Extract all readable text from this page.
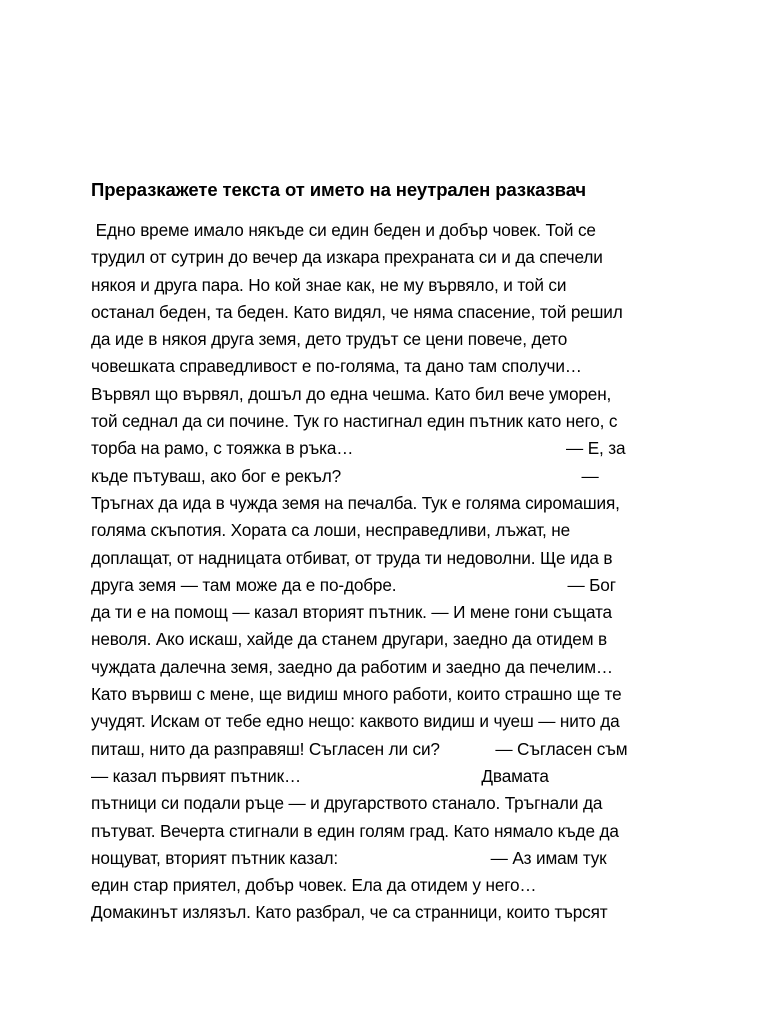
Преразкажете текста от името на неутрален разказвач
Едно време имало някъде си един беден и добър човек. Той се
трудил от сутрин до вечер да изкара прехраната си и да спечели
някоя и друга пара. Но кой знае как, не му вървяло, и той си
останал беден, та беден. Като видял, че няма спасение, той решил
да иде в някоя друга земя, дето трудът се цени повече, дето
човешката справедливост е по-голяма, та дано там сполучи…
Вървял що вървял, дошъл до една чешма. Като бил вече уморен,
той седнал да си почине. Тук го настигнал един пътник като него, с
торба на рамо, с тояжка в ръка…                                              — Е, за
къде пътуваш, ако бог е рекъл?                                                    —
Тръгнах да ида в чужда земя на печалба. Тук е голяма сиромашия,
голяма скъпотия. Хората са лоши, несправедливи, лъжат, не
доплащат, от надницата отбиват, от труда ти недоволни. Ще ида в
друга земя — там може да е по-добре.                                     — Бог
да ти е на помощ — казал вторият пътник. — И мене гони същата
неволя. Ако искаш, хайде да станем другари, заедно да отидем в
чуждата далечна земя, заедно да работим и заедно да печелим…
Като вървиш с мене, ще видиш много работи, които страшно ще те
учудят. Искам от тебе едно нещо: каквото видиш и чуеш — нито да
питаш, нито да разправяш! Съгласен ли си?            — Съгласен съм
— казал първият пътник…                                       Двамата
пътници си подали ръце — и другарството станало. Тръгнали да
пътуват. Вечерта стигнали в един голям град. Като нямало къде да
нощуват, вторият пътник казал:                                 — Аз имам тук
един стар приятел, добър човек. Ела да отидем у него…
Домакинът излязъл. Като разбрал, че са странници, които търсят
